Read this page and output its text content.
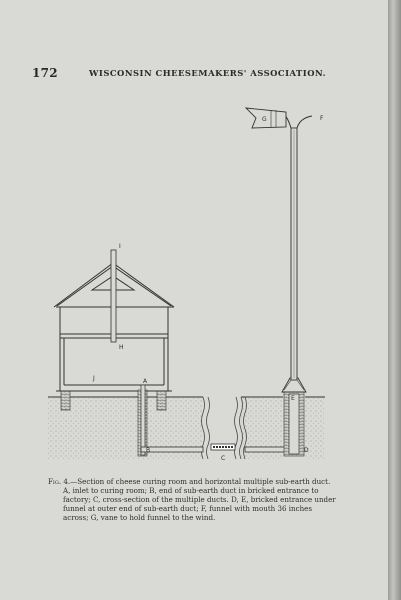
172	WISCONSIN CHEESEMAKERS' ASSOCIATION.
I
H
J	A
B
C
D
E
F
G
Fig. 4.—Section of cheese curing room and horizontal multiple sub-earth duct. A, inlet to curing room; B, end of sub-earth duct in bricked entrance to factory; C, cross-section of the multiple ducts. D, E, bricked entrance under funnel at outer end of sub-earth duct; F, funnel with mouth 36 inches across; G, vane to hold funnel to the wind.
